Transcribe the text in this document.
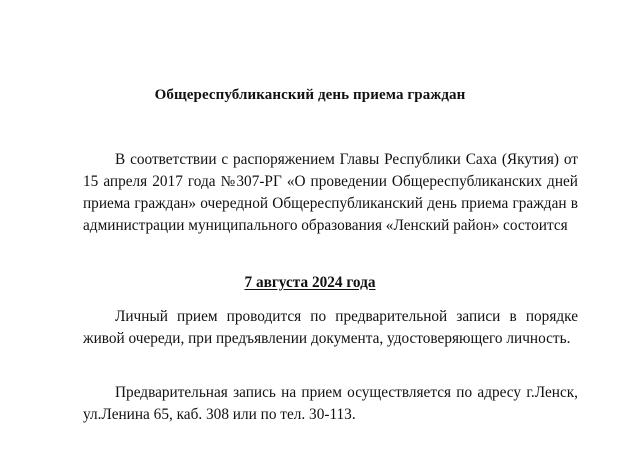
Общереспубликанский день приема граждан

В соответствии с распоряжением Главы Республики Саха (Якутия) от 15 апреля 2017 года №307-РГ «О проведении Общереспубликанских дней приема граждан» очередной Общереспубликанский день приема граждан в администрации муниципального образования «Ленский район» состоится

7 августа 2024 года

Личный прием проводится по предварительной записи в порядке живой очереди, при предъявлении документа, удостоверяющего личность.

Предварительная запись на прием осуществляется по адресу г.Ленск, ул.Ленина 65, каб. 308 или по тел. 30-113.
